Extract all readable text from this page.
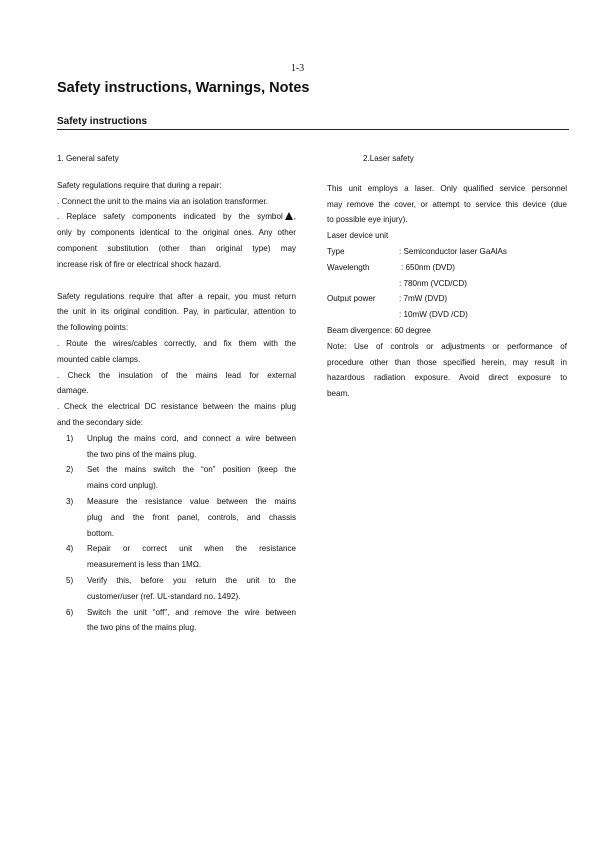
1-3
Safety instructions, Warnings, Notes
Safety instructions

1. General safety

Safety regulations require that during a repair:

. Connect the unit to the mains via an isolation transformer.

. Replace safety components indicated by the symbol ,

only by components identical to the original ones. Any other

component substitution (other than original type) may

increase risk of fire or electrical shock hazard.

Safety regulations require that after a repair, you must return

the unit in its original condition. Pay, in particular, attention to

the following points:

. Route the wires/cables correctly, and fix them with the

mounted cable clamps.

. Check the insulation of the mains lead for external

damage.

. Check the electrical DC resistance between the mains plug

and the secondary side:

1) Unplug the mains cord, and connect a wire between

the two pins of the mains plug.

2) Set the mains switch the “on” position (keep the

mains cord unplug).

3) Measure the resistance value between the mains

plug and the front panel, controls, and chassis

bottom.

4) Repair or correct unit when the resistance

measurement is less than 1MΩ.

5) Verify this, before you return the unit to the

customer/user (ref. UL-standard no. 1492).

6) Switch the unit “off”, and remove the wire between

the two pins of the mains plug.

2.Laser safety

This unit employs a laser. Only qualified service personnel

may remove the cover, or attempt to service this device (due

to possible eye injury).

Laser device unit

Type	: Semiconductor laser GaAlAs
Wavelength	: 650nm (DVD)
: 780nm (VCD/CD)
Output power	: 7mW (DVD)
: 10mW (DVD /CD)

Beam divergence: 60 degree

Note: Use of controls or adjustments or performance of

procedure other than those specified herein, may result in

hazardous radiation exposure. Avoid direct exposure to

beam.
